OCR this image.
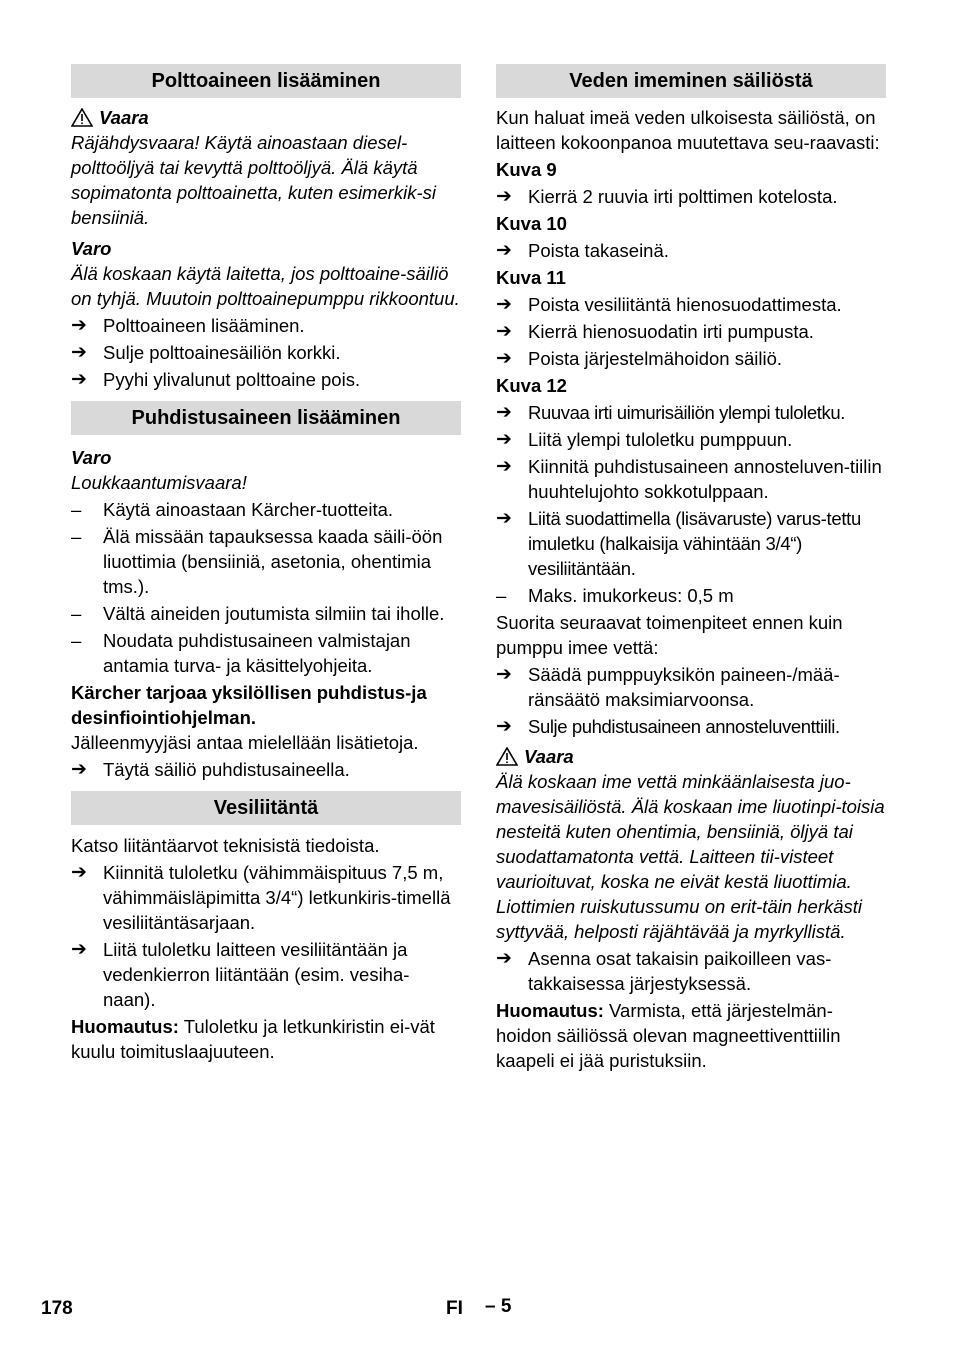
Polttoaineen lisääminen
Vaara

Räjähdysvaara! Käytä ainoastaan diesel-polttoöljyä tai kevyttä polttoöljyä. Älä käytä sopimatonta polttoainetta, kuten esimerkik-si bensiiniä.

Varo

Älä koskaan käytä laitetta, jos polttoaine-säiliö on tyhjä. Muutoin polttoainepumppu rikkoontuu.

➔ Polttoaineen lisääminen.
➔ Sulje polttoainesäiliön korkki.
➔ Pyyhi ylivalunut polttoaine pois.
Puhdistusaineen lisääminen
Varo

Loukkaantumisvaara!

–	Käytä ainoastaan Kärcher-tuotteita.
–	Älä missään tapauksessa kaada säili-öön liuottimia (bensiiniä, asetonia, ohentimia tms.).
–	Vältä aineiden joutumista silmiin tai iholle.
–	Noudata puhdistusaineen valmistajan antamia turva- ja käsittelyohjeita.

Kärcher tarjoaa yksilöllisen puhdistus-ja desinfiointiohjelman.

Jälleenmyyjäsi antaa mielellään lisätietoja.

➔ Täytä säiliö puhdistusaineella.
Vesiliitäntä

Katso liitäntäarvot teknisistä tiedoista.

➔ Kiinnitä tuloletku (vähimmäispituus 7,5 m, vähimmäisläpimitta 3/4“) letkunkiris-timellä vesiliitäntäsarjaan.
➔ Liitä tuloletku laitteen vesiliitäntään ja vedenkierron liitäntään (esim. vesiha-naan).

Huomautus: Tuloletku ja letkunkiristin ei-vät kuulu toimituslaajuuteen.

Veden imeminen säiliöstä

Kun haluat imeä veden ulkoisesta säiliöstä, on laitteen kokoonpanoa muutettava seu-raavasti:

Kuva 9
➔ Kierrä 2 ruuvia irti polttimen kotelosta.
Kuva 10
➔ Poista takaseinä.
Kuva 11
➔ Poista vesiliitäntä hienosuodattimesta.
➔ Kierrä hienosuodatin irti pumpusta.
➔ Poista järjestelmähoidon säiliö.
Kuva 12
➔ Ruuvaa irti uimurisäiliön ylempi tuloletku.
➔ Liitä ylempi tuloletku pumppuun.
➔ Kiinnitä puhdistusaineen annosteluven-tiilin huuhtelujohto sokkotulppaan.
➔ Liitä suodattimella (lisävaruste) varus-tettu imuletku (halkaisija vähintään 3/4“) vesiliitäntään.
–	Maks. imukorkeus: 0,5 m

Suorita seuraavat toimenpiteet ennen kuin pumppu imee vettä:

➔ Säädä pumppuyksikön paineen-/mää-ränsäätö maksimiarvoonsa.
➔ Sulje puhdistusaineen annosteluventtiili.
Vaara

Älä koskaan ime vettä minkäänlaisesta juo-mavesisäiliöstä. Älä koskaan ime liuotinpi-toisia nesteitä kuten ohentimia, bensiiniä, öljyä tai suodattamatonta vettä. Laitteen tii-visteet vaurioituvat, koska ne eivät kestä liuottimia. Liottimien ruiskutussumu on erit-täin herkästi syttyvää, helposti räjähtävää ja myrkyllistä.

➔ Asenna osat takaisin paikoilleen vas-takkaisessa järjestyksessä.

Huomautus: Varmista, että järjestelmän-hoidon säiliössä olevan magneettiventtiilin kaapeli ei jää puristuksiin.

178	FI – 5
